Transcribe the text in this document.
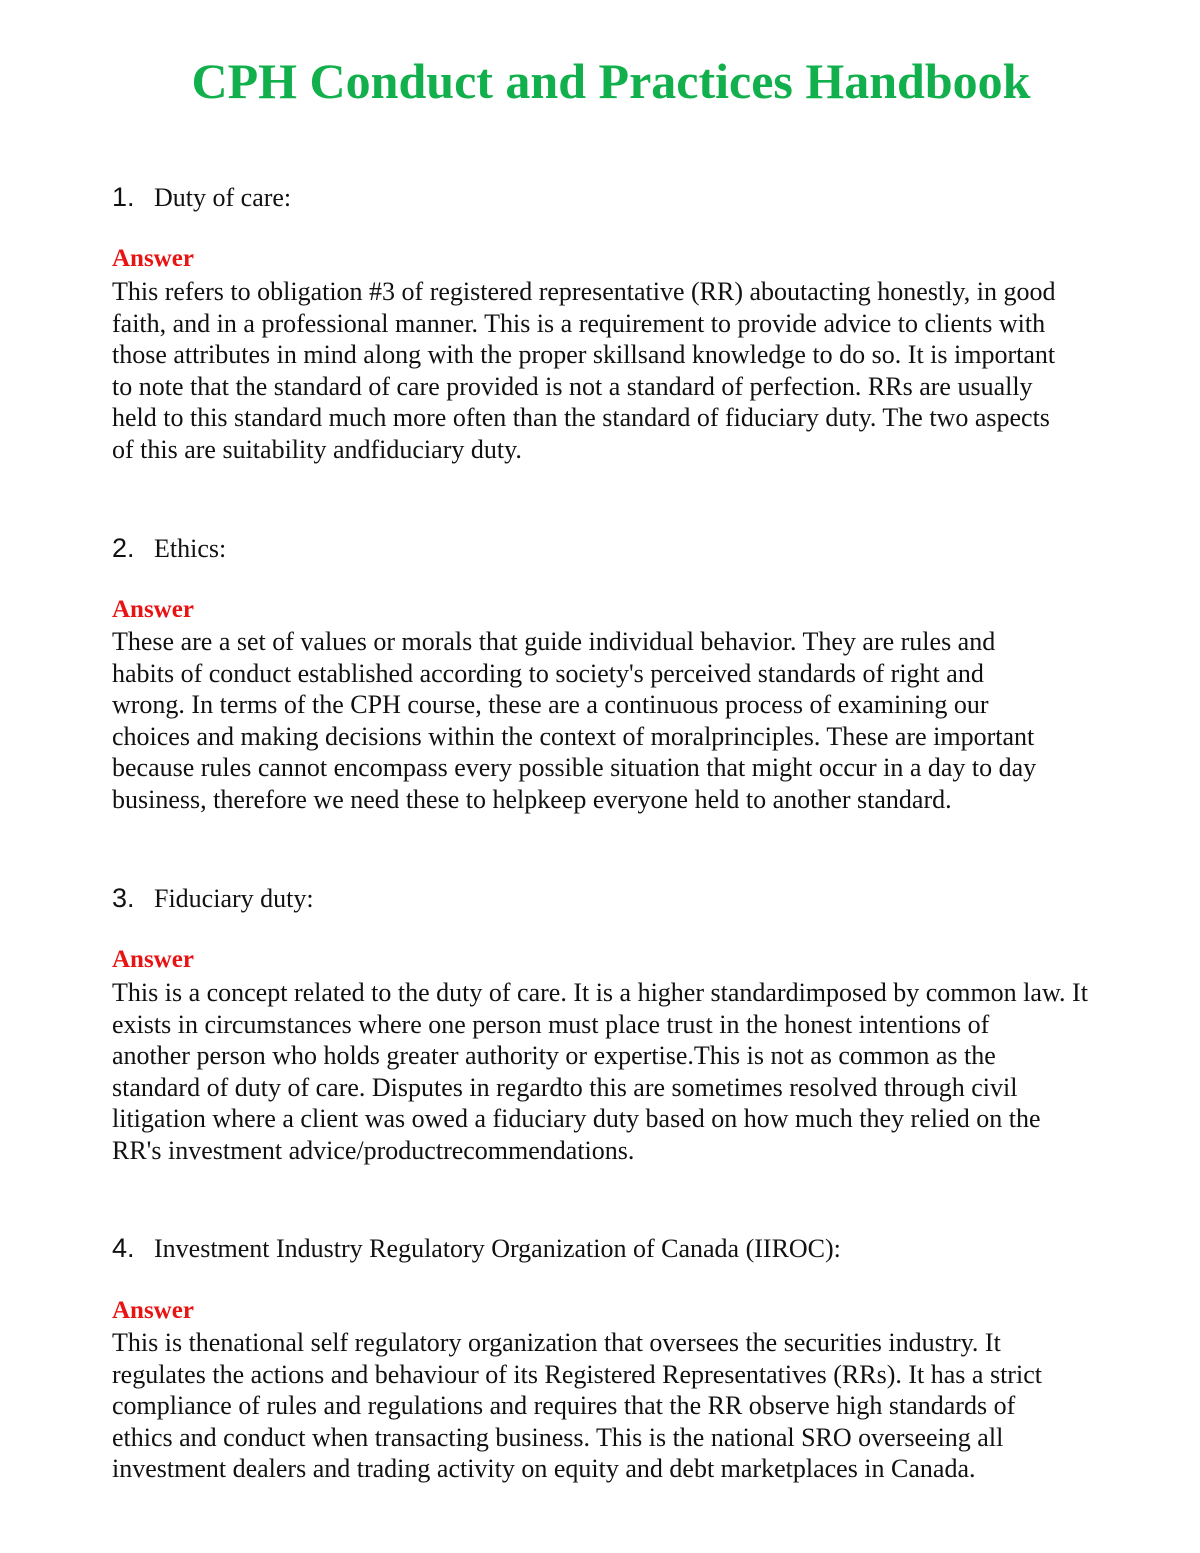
CPH Conduct and Practices Handbook
1. Duty of care:
Answer
This refers to obligation #3 of registered representative (RR) aboutacting honestly, in good
faith, and in a professional manner. This is a requirement to provide advice to clients with
those attributes in mind along with the proper skillsand knowledge to do so. It is important
to note that the standard of care provided is not a standard of perfection. RRs are usually
held to this standard much more often than the standard of fiduciary duty. The two aspects
of this are suitability andfiduciary duty.
2. Ethics:
Answer
These are a set of values or morals that guide individual behavior. They are rules and
habits of conduct established according to society's perceived standards of right and
wrong. In terms of the CPH course, these are a continuous process of examining our
choices and making decisions within the context of moralprinciples. These are important
because rules cannot encompass every possible situation that might occur in a day to day
business, therefore we need these to helpkeep everyone held to another standard.
3. Fiduciary duty:
Answer
This is a concept related to the duty of care. It is a higher standardimposed by common law. It
exists in circumstances where one person must place trust in the honest intentions of
another person who holds greater authority or expertise.This is not as common as the
standard of duty of care. Disputes in regardto this are sometimes resolved through civil
litigation where a client was owed a fiduciary duty based on how much they relied on the
RR's investment advice/productrecommendations.
4. Investment Industry Regulatory Organization of Canada (IIROC):
Answer
This is thenational self regulatory organization that oversees the securities industry. It
regulates the actions and behaviour of its Registered Representatives (RRs). It has a strict
compliance of rules and regulations and requires that the RR observe high standards of
ethics and conduct when transacting business. This is the national SRO overseeing all
investment dealers and trading activity on equity and debt marketplaces in Canada.
